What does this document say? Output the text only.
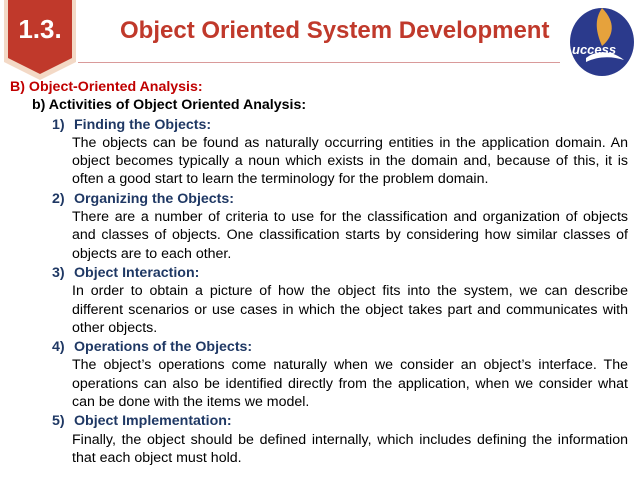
1.3.	Object Oriented System Development
uccess
B) Object-Oriented Analysis:
b) Activities of Object Oriented Analysis:
1) Finding the Objects:
The objects can be found as naturally occurring entities in the application domain. An object becomes typically a noun which exists in the domain and, because of this, it is often a good start to learn the terminology for the problem domain.
2) Organizing the Objects:
There are a number of criteria to use for the classification and organization of objects and classes of objects. One classification starts by considering how similar classes of objects are to each other.
3) Object Interaction:
In order to obtain a picture of how the object fits into the system, we can describe different scenarios or use cases in which the object takes part and communicates with other objects.
4) Operations of the Objects:
The object’s operations come naturally when we consider an object’s interface. The operations can also be identified directly from the application, when we consider what can be done with the items we model.
5) Object Implementation:
Finally, the object should be defined internally, which includes defining the information that each object must hold.
